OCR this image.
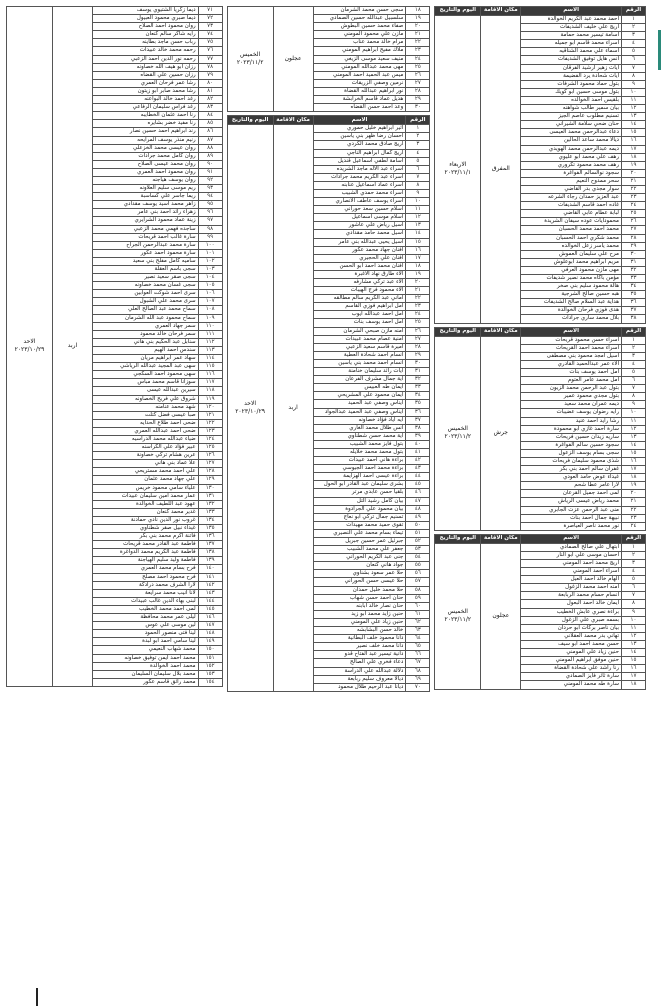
٧١	ديما زكريا الشتيوي يوسف	اربد	الاحد
٢٠٢٣/١٠/٢٩

٧٢	ديما صبري محمود العبيول		
٧٣	روان محمود احمد الصلاح		
٧٤	رايه شاكر سالم كنعان		
٧٥	رباب حسن ماجد بطاينه		
٧٦	رحمه محمد خالد عبيدات		
٧٧	رحمه نور الدين احمد الزعبي		
٧٨	رزان ابو هيف الله خصاونه		
٧٩	رزان حسين علي القضاه		
٨٠	رشا عمر فرحان العمري		
٨١	رشا محمد صابر ابو زيتون		
٨٢	رغد احمد خالد البواعنه		
٨٣	رغد فراس سليمان الرفاعي		
٨٤	رنا احمد عثمان الخطايبه		
٨٥	رنا مفيد خضر بشايره		
٨٦	رند ابراهيم احمد حسين نصار		
٨٧	رنيم منذر يوسف المرايحه		
٨٨	روان عيسى محمد الخزعلي		
٨٩	روان كامل محمد جرادات		
٩٠	روان محمد عيسى الصلاح		
٩١	روان محمود احمد العمري		
٩٢	روان يوسف هياجنه		
٩٣	ريم موسى سليم العلاونه		
٩٤	ريما جاسر علي كساسبة		
٩٥	زاهر محمد اسيد يوسف مقدادي		
٩٦	زهراء رائد احمد بني عامر		
٩٧	زينة عماد محمود الشرايري		
٩٨	ساجده فهمي محمد الزعبي		
٩٩	سارة غالب احمد قريحات		
١٠٠	سارة محمد عبدالرحمن الجراح		
١٠١	سارة محمود احمد عكور		
١٠٢	ساميه كامل مفلح بني سعيد		
١٠٣	سجى باسم العقلة		
١٠٤	سجى صقر سعيد نصير		
١٠٥	سجى غسان محمد خصاونه		
١٠٦	سرى احمد شوكت العوابين		
١٠٧	سرى محمد علي الشبول		
١٠٨	سماح محمد عبد الصالح العلي		
١٠٩	سماح محمود عبد الله الشرمان		
١١٠	سمر جهاد العمري		
١١١	سمر فرحان خالد محمود		
١١٢	سنابل عبد الحكيم بني هاني		
١١٣	سندس احمد الهيم		
١١٤	سهاد عمر ابراهيم مريان		
١١٥	سهى عبد المجيد عبدالله الرياشي		
١١٦	سهى محمود احمد السكجي		
١١٧	سوزانا قاسم محمد مباس		
١١٨	سيرين عبدالله عيسى		
١١٩	شروق علي فريح الخصاونه		
١٢٠	شهد محمد عنامنه		
١٢١	صبا عيسى فضل كتلت		
١٢٢	ضحى احمد طلاع الحدايه		
١٢٣	ضحى احمد عبدالله العمري		
١٢٤	ضياء عبدالله محمد الدراسيه		
١٢٥	عبير فؤاد علي الكراسنه		
١٢٦	عرين هشام تركي خصاونة		
١٢٧	علا عماد بني هاني		
١٢٨	علي احمد محمد مستريحي		
١٢٩	علي جهاد محمد عثمان		
١٣٠	علياء سامي محمود خريس		
١٣١	عمار محمد امين سليمان عبيدات		
١٣٢	عهود عبد اللطيف الخوالدة		
١٣٣	غدير محمد كنعان		
١٣٤	غروب نور الدين نادي حمادنة		
١٣٥	غيداء نبيل صقر شطناوي		
١٣٦	فاتنة اكرم محمد بني بكر		
١٣٧	فاطمة عبد القادر محمد قريحات		
١٣٨	فاطمة عبد الكريم محمد الدواغرة		
١٣٩	فاطمة وليد سليم الهياجنة		
١٤٠	فرح بسام محمد العمري		
١٤١	فرح محمود احمد مصلح		
١٤٢	لارا الشرف محمد درادكة		
١٤٣	لانا انيب محمد سرايعة		
١٤٤	لبنى بهاء الدين غالب عبيدات		
١٤٥	لمى احمد محمد الخطيب		
١٤٦	ليلى عمر محمد محافظة		
١٤٧	لين موسى علي عوس		
١٤٨	لينا فتى منصور الحمود		
١٤٩	لينا سامي احمد ابو لبدة		
١٥٠	محمد شهاب النعيمي		
١٥١	محمد احمد ايمن توفيق خصاونه		
١٥٢	محمد احمد الخوالدة		
١٥٣	محمد بلال سليمان السليمان		
١٥٤	محمد رائق قاسم عكور		
١٨	سجى حسن محمد الشرمان	عجلون	الخميس
٢٠٢٣/١١/٢

١٩	سلسبيل عبدالله حسين الصمادي		
٢٠	صفاء محمد حسين البطوش		
٢١	مازن علي محمود المومني		
٢٢	مرام خالد محمد عناب		
٢٣	ملاك مفيح ابراهيم المومني		
٢٤	منيف سعيد موسى الزيغي		
٢٥	مهى محمد عبدالله المومني		
٢٦	ميس عبد الحميد احمد المومني		
٢٧	نرمين وصفي الزريقات		
٢٨	نور ابراهيم عبدالله القضاة		
٢٩	هديل عماد قاسم الخرابشة		
٣٠	وعد احمد حسن القضاه		
الرقم	الاسم	مكان الاقامة	اليوم والتاريخ
١	اثير ابراهيم خليل حموري	اربد	الاحد
٢٠٢٣/١٠/٢٩

٢	احسان رضا ظهر بني ياسين		
٣	اريج صادق محمد الكردي		
٤	اريج كمال ابراهيم الناجي		
٥	اسامة لطفي اسماعيل قنديل		
٦	اسراء عبد الاله ماجد الشريده		
٧	اسراء عبد الكريم محمد جرادات		
٨	اسراء عماد اسماعيل عنابنه		
٩	اسراء محمد حمدي الشبيب		
١٠	اسراء يوسف عاطف الانصاري		
١١	اسلام حسين سعد حوراني		
١٢	اسلام موسى اسماعيل		
١٣	اسيل رياض علي عاشور		
١٤	اسيل محمد حامد مقدادي		
١٥	اسيل يحيى عبدالله بني عامر		
١٦	افنان جهاد محمد عكور		
١٧	افنان علي الحجيري		
١٨	افنان محمد احمد ابو الحسن		
١٩	الاء طارق نهاد الاغبرة		
٢٠	الاء عبد تركي مشارفه		
٢١	الاء محمود فرج الهيبات		
٢٢	اماني عبد الكريم سالم مطالقه		
٢٣	امل ابراهيم فوزي القاسم		
٢٤	امل احمد عبدالله ايوب		
٢٥	امل احمد يوسف بنات		
٢٦	امنه مازن صبحي الشرمان		
٢٧	امنية عصام محمد عبيدات		
٢٨	اميرة قاسم سعيد الزعبي		
٢٩	انسام احمد شحادة العطية		
٣٠	انسام احمد محمد بني ياسين		
٣١	ايات رائد سليمان خنامنة		
٣٢	اية جمال مشرف الفرعان		
٣٣	ايمان طه العبيس		
٣٤	ايمان محمود علي المشريحي		
٣٥	ايناس وصفي عبد الحميد		
٣٦	ايناس وصفي عبد الحميد عبدالجواد		
٣٧	ايه اياد فؤاد خصاونه		
٣٨	آنس طلال محمد الغاري		
٣٩	آية محمد حسن شطناوي		
٤٠	بتول فايز محمد الشبيب		
٤١	بتول محمد محمد خلايله		
٤٢	براءة هاني احمد عبيدات		
٤٣	براءة محمد احمد الجيوسي		
٤٤	براءة عيسى احمد الهزايمة		
٤٥	بشرى سليمان عبد القادر ابو الحول		
٤٦	بلقيا حسن عابدي مرتر		
٤٧	بيان كامل رشيد التل		
٤٨	بيان محمود علي الجرادوة		
٤٩	تسنيم جمال تركي ابو نعاج		
٥٠	تقوى حميد محمد مهيدات		
٥١	تيماء بسام محمد علي النصيري		
٥٢	جبرئيل عمر حسين جبريل		
٥٣	جعفر علي محمد الشبيب		
٥٤	جنى عبد الكريم الحوراني		
٥٥	جواد هاني كنعان		
٥٦	حلا عمر سعود بشناوي		
٥٧	حلا عيسى حسن الحوراني		
٥٨	حلا محمد خليل حمدان		
٥٩	حنان احمد حسن شهاب		
٦٠	حنان نصار خالد ابابنه		
٦١	حنين زايد محمد ابو زيد		
٦٢	حنين زياد علي المومني		
٦٣	خالد حسن البشابشه		
٦٤	دانا محمود خلف البطانية		
٦٥	دانا محمد خلف نصير		
٦٦	دانية تيسير عبد الفتاح قدو		
٦٧	دعاء فخري علي الصالح		
٦٨	دلالة عبدالله علي الدراسة		
٦٩	ديالا معروف سليم ربابعة		
٧٠	ديانا عبد الرحيم طلال محمود		
الرقم	الاسم	مكان الاقامة	اليوم والتاريخ
١	احمد محمد عبد الكريم الخوالدة	المفرق	الاربعاء
٢٠٢٣/١١/١

٢	اريج علي خليف الشديفات		
٣	اسامة تيسير محمد حمامة		
٤	اسراء محمد قاسم ابو جميله		
٥	اسماء علي محمد الشناقيه		
٦	انس هايل توفيق الشديفات		
٧	ايات زهير ارشيد الفرقان		
٨	ايات شحادة يرد الفضيمة		
٩	بتول حماد محمود الشرفات		
١٠	بتول موسى حسين ابو كويك		
١١	بلقيس احمد الخوالده		
١٢	بيان سمير طالب شواهنه		
١٣	تسنيم مطلوب عاصم الجيز		
١٤	حنان ضحي سلامة الشيراني		
١٥	دعاء عبدالرحمن محمد العيسى		
١٦	ديالا محمد ساعد الحالين		
١٧	ديمه عبدالرحمن محمد الهويدي		
١٨	رهف علي محمد ابو عليوي		
١٩	رهف محمد محمود تكروري		
٢٠	سجود نوالسالم الفواغرة		
٢١	سحر ممدوح النعيم		
٢٢	سوار مجدي بدر القاضي		
٢٣	عبد العزيز حمدان رجاء الشرعه		
٢٤	غاده احمد قاسم الشديفات		
٢٥	لبابة عطام عابي القاضي		
٢٦	محمودايات عوده سيفان الشريدة		
٢٧	محمد احمد محمد الحسبان		
٢٨	محمد شكري احمد الحسبان		
٢٩	محمد ياسر زعل الخوالده		
٣٠	مرح علي سليمان العموش		
٣١	مريم ابراهيم محمد ابوعلوش		
٣٢	مهى مازن محمود العرفي		
٣٣	مؤمن باكاه محمد نصير شديفات		
٣٤	هالة محمود سليم بني صخر		
٣٥	هبه حسين صالح الشرجية		
٣٦	هداية عبد السلام صالح الشديفات		
٣٧	هدى فوزي فرحان الخوالدة		
٣٨	بلال محمد ساري جرادات		
الرقم	الاسم	مكان الاقامة	اليوم والتاريخ
١	اسراء حسن محمود قريحات	جرش	الخميس
٢٠٢٣/١١/٢

٢	اسراء محمد احمد القريحات		
٣	اسيل امجد محمود بني مصطفى		
٤	الاء عمر عبدالحميد القادري		
٥	امل احمد يوسف بنات		
٦	امل محمد عامر العتوم		
٧	بتول عبد الرحمن محمد الزيون		
٨	بتول مجدي محمود عمير		
٩	ديمه عمران محمد سعيد		
١٠	رايه رضوان يوسف عضيبات		
١١	رشا رايد احمد عنيد		
١٢	سارة احمد غازي ابو محمودة		
١٣	ساريه زيدان حسين فريحات		
١٤	سجود حسين سالم الفواغرة		
١٥	سجى بسام يوسف الزعول		
١٦	شذى محمود سليمان فريحات		
١٧	غفران سالم احمد بني بكر		
١٨	غيداء عوض حامد العودي		
١٩	لارا عامر عطا شحم		
٢٠	لمى احمد جميل القرعان		
٢١	محمد رياض عيسى الرياش		
٢٢	منى عبد الرحمن عزت الجابري		
٢٣	نبيهة جمال احمد بنات		
٢٤	نور محمد ناصر العياصرة		
الرقم	الاسم	مكان الاقامة	اليوم والتاريخ
١	ابتهال علي صالح الصمادي	عجلون	الخميس
٢٠٢٣/١١/٢

٢	احسان موسى علي ابو النار		
٣	اريج محمد احمد المومني		
٤	اسراء احمد المومني		
٥	الهام خالد احمد العيل		
٦	امنه احمد محمد الزغول		
٧	انسام حسام محمد الربابعة		
٨	ايمان خالد احمد البعول		
٩	براءة نصري عابش الخطيب		
١٠	بسمه صبري علي الزغول		
١١	بيان ناصر بركات ابو حردان		
١٢	تهاني بدر محمد العقلاني		
١٣	حسن محمد احمد ابو سيف		
١٤	حنين زياد علي المومني		
١٥	حنين موفق ابراهيم المومني		
١٦	رنا راشد علي شحادة القضاة		
١٧	سارة ثائر فايز الصمادي		
١٨	سارة طه محمد المومني		
